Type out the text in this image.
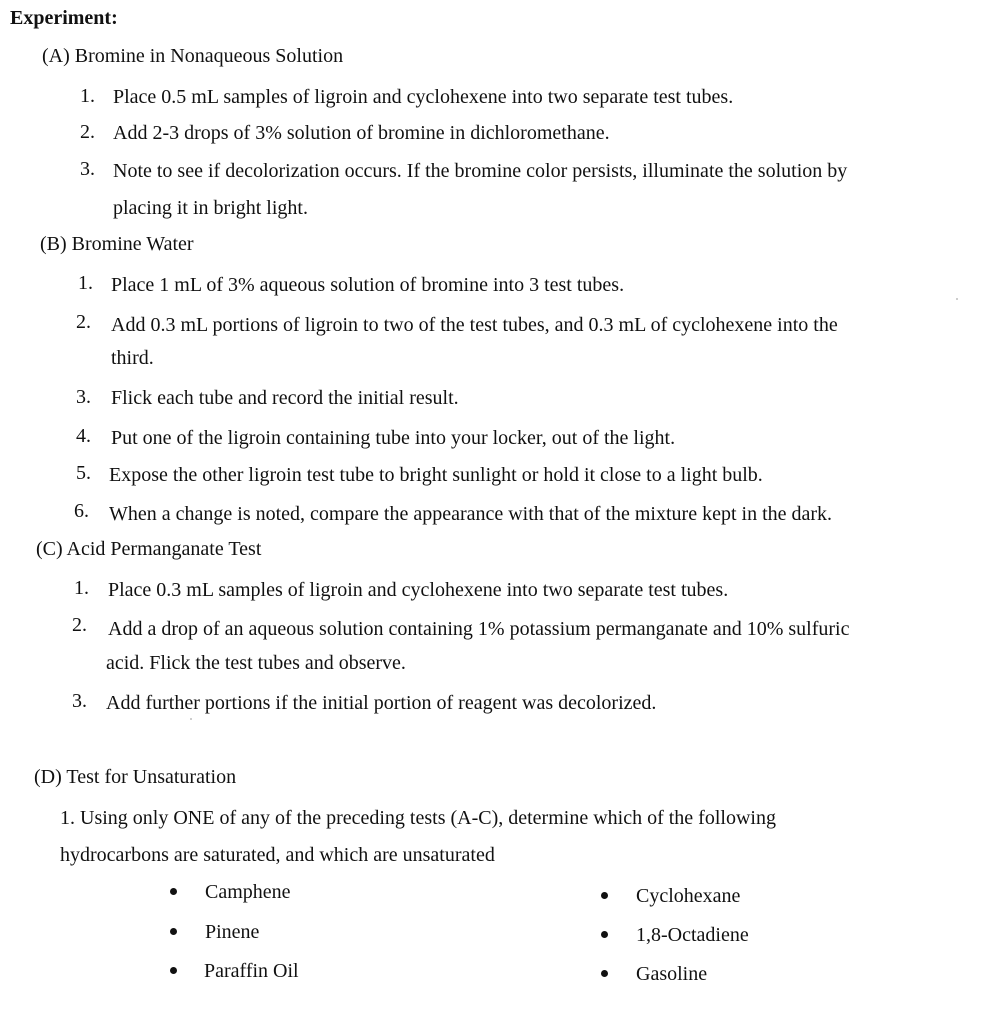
Experiment:
(A) Bromine in Nonaqueous Solution
1. Place 0.5 mL samples of ligroin and cyclohexene into two separate test tubes.
2. Add 2-3 drops of 3% solution of bromine in dichloromethane.
3. Note to see if decolorization occurs. If the bromine color persists, illuminate the solution by
placing it in bright light.
(B) Bromine Water
1. Place 1 mL of 3% aqueous solution of bromine into 3 test tubes.
2. Add 0.3 mL portions of ligroin to two of the test tubes, and 0.3 mL of cyclohexene into the
third.
3. Flick each tube and record the initial result.
4. Put one of the ligroin containing tube into your locker, out of the light.
5. Expose the other ligroin test tube to bright sunlight or hold it close to a light bulb.
6. When a change is noted, compare the appearance with that of the mixture kept in the dark.
(C) Acid Permanganate Test
1. Place 0.3 mL samples of ligroin and cyclohexene into two separate test tubes.
2. Add a drop of an aqueous solution containing 1% potassium permanganate and 10% sulfuric
acid. Flick the test tubes and observe.
3. Add further portions if the initial portion of reagent was decolorized.
(D) Test for Unsaturation
1. Using only ONE of any of the preceding tests (A-C), determine which of the following
hydrocarbons are saturated, and which are unsaturated
Camphene
Pinene
Paraffin Oil
Cyclohexane
1,8-Octadiene
Gasoline
